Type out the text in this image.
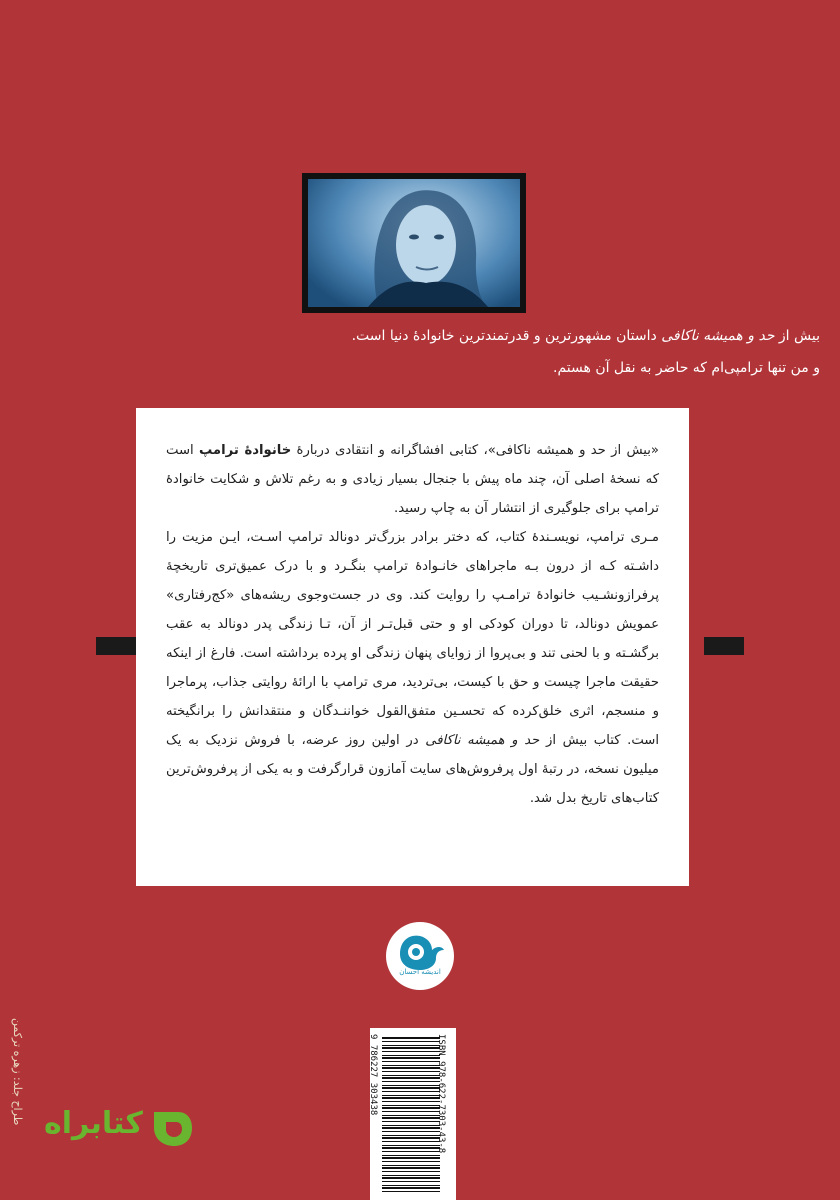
بیش از حد و همیشه ناکافی داستان مشهورترین و قدرتمندترین خانوادهٔ دنیا است.
و من تنها ترامپی‌ام که حاضر به نقل آن هستم.

«بیش از حد و همیشه ناکافی»، کتابی افشاگرانه و انتقادی دربارهٔ خانوادهٔ ترامپ است که نسخهٔ اصلی آن، چند ماه پیش با جنجال بسیار زیادی و به رغم تلاش و شکایت خانوادهٔ ترامپ برای جلوگیری از انتشار آن به چاپ رسید.

مـری ترامپ، نویسـندهٔ کتاب، که دختر برادر بزرگ‌تر دونالد ترامپ اسـت، ایـن مزیت را داشـته کـه از درون بـه ماجراهای خانـوادهٔ ترامپ بنگـرد و با درک عمیق‌تری تاریخچهٔ پرفرازونشـیب خانوادهٔ ترامـپ را روایت کند. وی در جست‌وجوی ریشه‌های «کج‌رفتاری» عمویش دونالد، تا دوران کودکی او و حتی قبل‌تـر از آن، تـا زندگی پدر دونالد به عقب برگشـته و با لحنی تند و بی‌پروا از زوایای پنهان زندگی او پرده برداشته است. فارغ از اینکه حقیقت ماجرا چیست و حق با کیست، بی‌تردید، مری ترامپ با ارائهٔ روایتی جذاب، پرماجرا و منسجم، اثری خلق‌کرده که تحسـین متفق‌القول خواننـدگان و منتقدانش را برانگیخته است. کتاب بیش از حد و همیشه ناکافی در اولین روز عرضه، با فروش نزدیک به یک میلیون نسخه، در رتبهٔ اول پرفروش‌های سایت آمازون قرارگرفت و به یکی از پرفروش‌ترین کتاب‌های تاریخ بدل شد.

اندیشه احسان
ISBN 978-622-7303-43-8
9 786227 303438
طراح جلد: زهره ترکمن کتابراه
